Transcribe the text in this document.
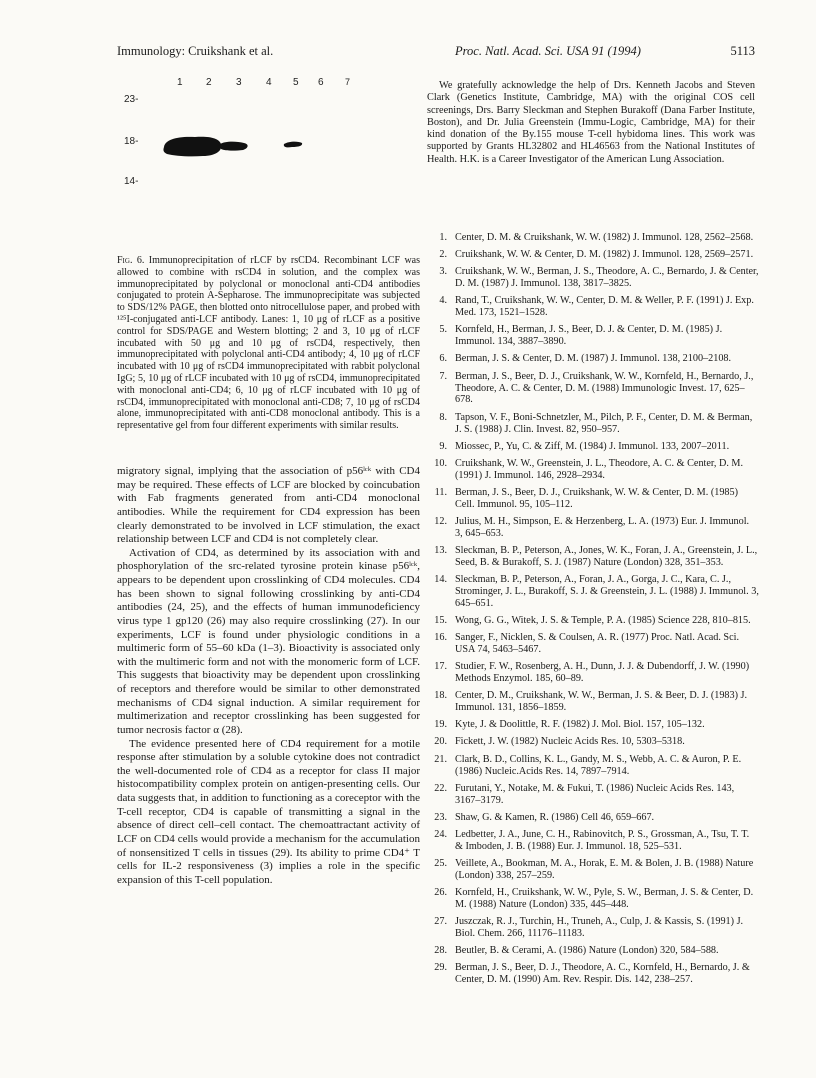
Immunology: Cruikshank et al.	Proc. Natl. Acad. Sci. USA 91 (1994)	5113
1 2 3 4 5 6 7
23-
18-
14-
Fig. 6. Immunoprecipitation of rLCF by rsCD4. Recombinant LCF was allowed to combine with rsCD4 in solution, and the complex was immunoprecipitated by polyclonal or monoclonal anti-CD4 antibodies conjugated to protein A-Sepharose. The immunoprecipitate was subjected to SDS/12% PAGE, then blotted onto nitrocellulose paper, and probed with ¹²⁵I-conjugated anti-LCF antibody. Lanes: 1, 10 μg of rLCF as a positive control for SDS/PAGE and Western blotting; 2 and 3, 10 μg of rLCF incubated with 50 μg and 10 μg of rsCD4, respectively, then immunoprecipitated with polyclonal anti-CD4 antibody; 4, 10 μg of rLCF incubated with 10 μg of rsCD4 immunoprecipitated with rabbit polyclonal IgG; 5, 10 μg of rLCF incubated with 10 μg of rsCD4, immunoprecipitated with monoclonal anti-CD4; 6, 10 μg of rLCF incubated with 10 μg of rsCD4, immunoprecipitated with monoclonal anti-CD8; 7, 10 μg of rsCD4 alone, immunoprecipitated with anti-CD8 monoclonal antibody. This is a representative gel from four different experiments with similar results.

migratory signal, implying that the association of p56ˡᶜᵏ with CD4 may be required. These effects of LCF are blocked by coincubation with Fab fragments generated from anti-CD4 monoclonal antibodies. While the requirement for CD4 expression has been clearly demonstrated to be involved in LCF stimulation, the exact relationship between LCF and CD4 is not completely clear.

Activation of CD4, as determined by its association with and phosphorylation of the src-related tyrosine protein kinase p56ˡᶜᵏ, appears to be dependent upon crosslinking of CD4 molecules. CD4 has been shown to signal following crosslinking by anti-CD4 antibodies (24, 25), and the effects of human immunodeficiency virus type 1 gp120 (26) may also require crosslinking (27). In our experiments, LCF is found under physiologic conditions in a multimeric form of 55–60 kDa (1–3). Bioactivity is associated only with the multimeric form and not with the monomeric form of LCF. This suggests that bioactivity may be dependent upon crosslinking of receptors and therefore would be similar to other demonstrated mechanisms of CD4 signal induction. A similar requirement for multimerization and receptor crosslinking has been suggested for tumor necrosis factor α (28).

The evidence presented here of CD4 requirement for a motile response after stimulation by a soluble cytokine does not contradict the well-documented role of CD4 as a receptor for class II major histocompatibility complex protein on antigen-presenting cells. Our data suggests that, in addition to functioning as a coreceptor with the T-cell receptor, CD4 is capable of transmitting a signal in the absence of direct cell–cell contact. The chemoattractant activity of LCF on CD4 cells would provide a mechanism for the accumulation of nonsensitized T cells in tissues (29). Its ability to prime CD4⁺ T cells for IL-2 responsiveness (3) implies a role in the specific expansion of this T-cell population.

We gratefully acknowledge the help of Drs. Kenneth Jacobs and Steven Clark (Genetics Institute, Cambridge, MA) with the original COS cell screenings, Drs. Barry Sleckman and Stephen Burakoff (Dana Farber Institute, Boston), and Dr. Julia Greenstein (Immu-Logic, Cambridge, MA) for their kind donation of the By.155 mouse T-cell hybidoma lines. This work was supported by Grants HL32802 and HL46563 from the National Institutes of Health. H.K. is a Career Investigator of the American Lung Association.
1. Center, D. M. & Cruikshank, W. W. (1982) J. Immunol. 128, 2562–2568.
2. Cruikshank, W. W. & Center, D. M. (1982) J. Immunol. 128, 2569–2571.
3. Cruikshank, W. W., Berman, J. S., Theodore, A. C., Bernardo, J. & Center, D. M. (1987) J. Immunol. 138, 3817–3825.
4. Rand, T., Cruikshank, W. W., Center, D. M. & Weller, P. F. (1991) J. Exp. Med. 173, 1521–1528.
5. Kornfeld, H., Berman, J. S., Beer, D. J. & Center, D. M. (1985) J. Immunol. 134, 3887–3890.
6. Berman, J. S. & Center, D. M. (1987) J. Immunol. 138, 2100–2108.
7. Berman, J. S., Beer, D. J., Cruikshank, W. W., Kornfeld, H., Bernardo, J., Theodore, A. C. & Center, D. M. (1988) Immunologic Invest. 17, 625–678.
8. Tapson, V. F., Boni-Schnetzler, M., Pilch, P. F., Center, D. M. & Berman, J. S. (1988) J. Clin. Invest. 82, 950–957.
9. Miossec, P., Yu, C. & Ziff, M. (1984) J. Immunol. 133, 2007–2011.
10. Cruikshank, W. W., Greenstein, J. L., Theodore, A. C. & Center, D. M. (1991) J. Immunol. 146, 2928–2934.
11. Berman, J. S., Beer, D. J., Cruikshank, W. W. & Center, D. M. (1985) Cell. Immunol. 95, 105–112.
12. Julius, M. H., Simpson, E. & Herzenberg, L. A. (1973) Eur. J. Immunol. 3, 645–653.
13. Sleckman, B. P., Peterson, A., Jones, W. K., Foran, J. A., Greenstein, J. L., Seed, B. & Burakoff, S. J. (1987) Nature (London) 328, 351–353.
14. Sleckman, B. P., Peterson, A., Foran, J. A., Gorga, J. C., Kara, C. J., Strominger, J. L., Burakoff, S. J. & Greenstein, J. L. (1988) J. Immunol. 3, 645–651.
15. Wong, G. G., Witek, J. S. & Temple, P. A. (1985) Science 228, 810–815.
16. Sanger, F., Nicklen, S. & Coulsen, A. R. (1977) Proc. Natl. Acad. Sci. USA 74, 5463–5467.
17. Studier, F. W., Rosenberg, A. H., Dunn, J. J. & Dubendorff, J. W. (1990) Methods Enzymol. 185, 60–89.
18. Center, D. M., Cruikshank, W. W., Berman, J. S. & Beer, D. J. (1983) J. Immunol. 131, 1856–1859.
19. Kyte, J. & Doolittle, R. F. (1982) J. Mol. Biol. 157, 105–132.
20. Fickett, J. W. (1982) Nucleic Acids Res. 10, 5303–5318.
21. Clark, B. D., Collins, K. L., Gandy, M. S., Webb, A. C. & Auron, P. E. (1986) Nucleic.Acids Res. 14, 7897–7914.
22. Furutani, Y., Notake, M. & Fukui, T. (1986) Nucleic Acids Res. 143, 3167–3179.
23. Shaw, G. & Kamen, R. (1986) Cell 46, 659–667.
24. Ledbetter, J. A., June, C. H., Rabinovitch, P. S., Grossman, A., Tsu, T. T. & Imboden, J. B. (1988) Eur. J. Immunol. 18, 525–531.
25. Veillete, A., Bookman, M. A., Horak, E. M. & Bolen, J. B. (1988) Nature (London) 338, 257–259.
26. Kornfeld, H., Cruikshank, W. W., Pyle, S. W., Berman, J. S. & Center, D. M. (1988) Nature (London) 335, 445–448.
27. Juszczak, R. J., Turchin, H., Truneh, A., Culp, J. & Kassis, S. (1991) J. Biol. Chem. 266, 11176–11183.
28. Beutler, B. & Cerami, A. (1986) Nature (London) 320, 584–588.
29. Berman, J. S., Beer, D. J., Theodore, A. C., Kornfeld, H., Bernardo, J. & Center, D. M. (1990) Am. Rev. Respir. Dis. 142, 238–257.
